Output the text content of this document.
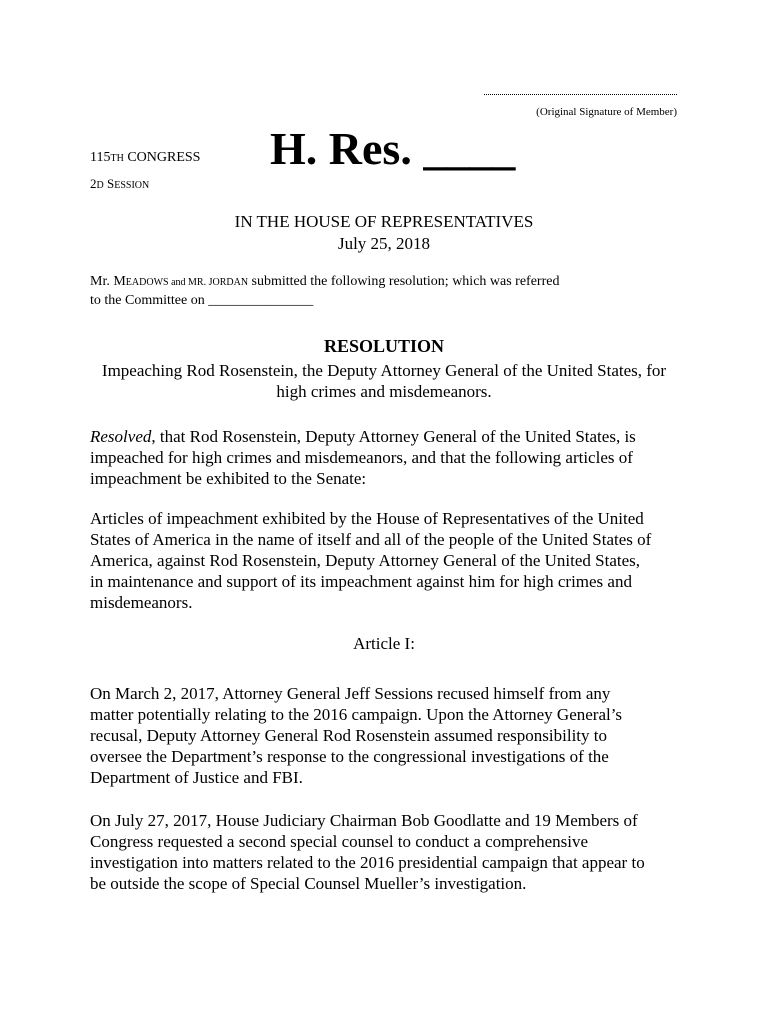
(Original Signature of Member)
115TH CONGRESS
2D SESSION
H. Res. ____
IN THE HOUSE OF REPRESENTATIVES
July 25, 2018
Mr. MEADOWS and MR. JORDAN submitted the following resolution; which was referred
to the Committee on _______________
RESOLUTION
Impeaching Rod Rosenstein, the Deputy Attorney General of the United States, for high crimes and misdemeanors.
Resolved, that Rod Rosenstein, Deputy Attorney General of the United States, is
impeached for high crimes and misdemeanors, and that the following articles of
impeachment be exhibited to the Senate:
Articles of impeachment exhibited by the House of Representatives of the United
States of America in the name of itself and all of the people of the United States of
America, against Rod Rosenstein, Deputy Attorney General of the United States,
in maintenance and support of its impeachment against him for high crimes and
misdemeanors.
Article I:
On March 2, 2017, Attorney General Jeff Sessions recused himself from any
matter potentially relating to the 2016 campaign. Upon the Attorney General’s
recusal, Deputy Attorney General Rod Rosenstein assumed responsibility to
oversee the Department’s response to the congressional investigations of the
Department of Justice and FBI.
On July 27, 2017, House Judiciary Chairman Bob Goodlatte and 19 Members of
Congress requested a second special counsel to conduct a comprehensive
investigation into matters related to the 2016 presidential campaign that appear to
be outside the scope of Special Counsel Mueller’s investigation.
